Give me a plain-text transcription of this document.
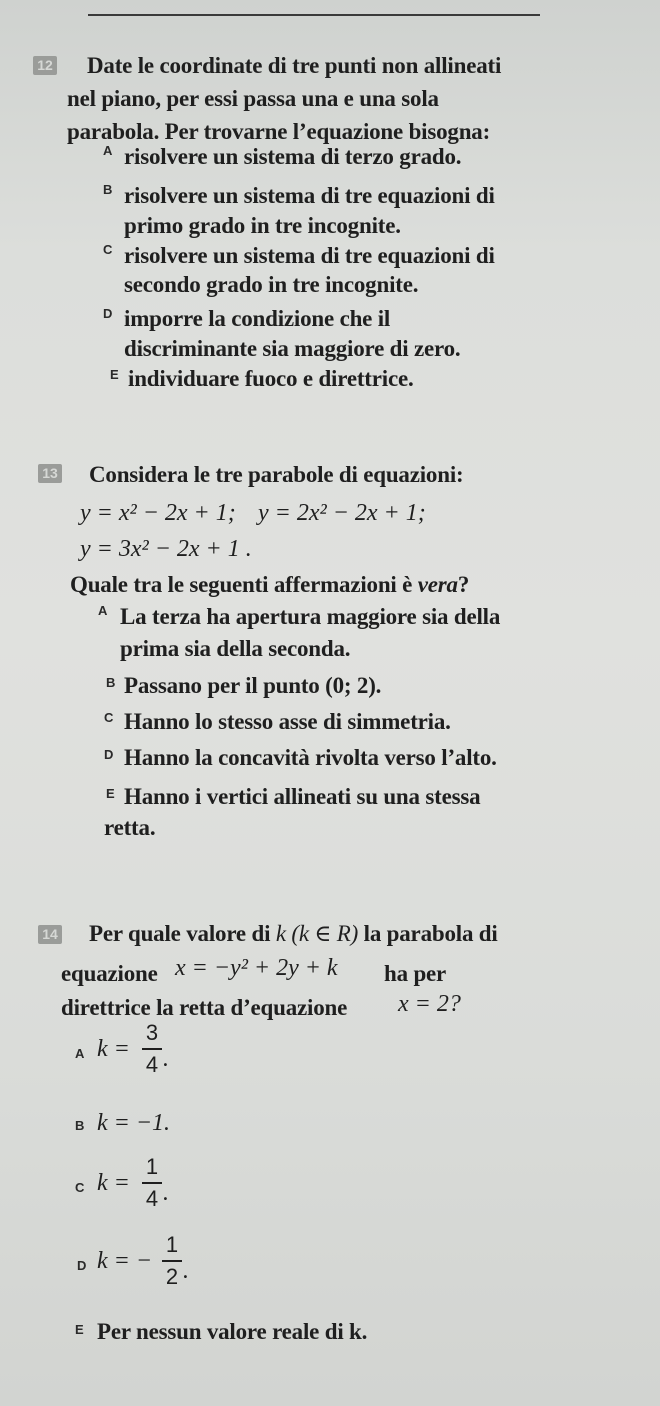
12 Date le coordinate di tre punti non allineati
nel piano, per essi passa una e una sola
parabola. Per trovarne l’equazione bisogna:
A risolvere un sistema di terzo grado.
B risolvere un sistema di tre equazioni di
primo grado in tre incognite.
C risolvere un sistema di tre equazioni di
secondo grado in tre incognite.
D imporre la condizione che il
discriminante sia maggiore di zero.
E individuare fuoco e direttrice.
13 Considera le tre parabole di equazioni:
y = x² − 2x + 1; y = 2x² − 2x + 1;
y = 3x² − 2x + 1 .
Quale tra le seguenti affermazioni è vera?
A La terza ha apertura maggiore sia della
prima sia della seconda.
B Passano per il punto (0; 2).
C Hanno lo stesso asse di simmetria.
D Hanno la concavità rivolta verso l’alto.
E Hanno i vertici allineati su una stessa
retta.
14 Per quale valore di k (k ∈ R) la parabola di
equazione x = −y² + 2y + k ha per
direttrice la retta d’equazione x = 2?
A k =
3
4 .
B k = −1.
C k =
1
4 .
D k = −
1
2 .
E Per nessun valore reale di k.
